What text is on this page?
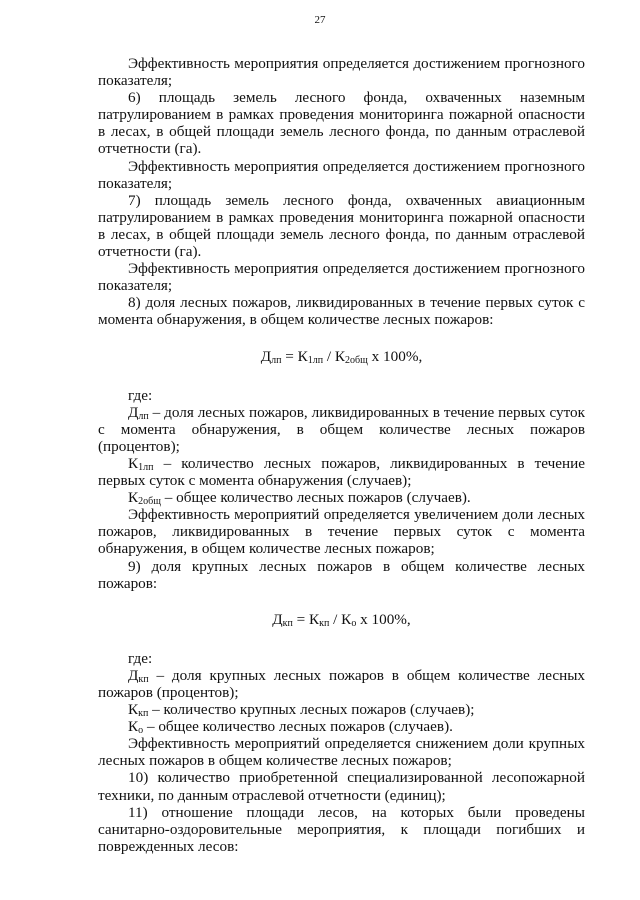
27

Эффективность мероприятия определяется достижением прогнозного показателя;

6) площадь земель лесного фонда, охваченных наземным патрулированием в рамках проведения мониторинга пожарной опасности в лесах, в общей площади земель лесного фонда, по данным отраслевой отчетности (га).

Эффективность мероприятия определяется достижением прогнозного показателя;

7) площадь земель лесного фонда, охваченных авиационным патрулированием в рамках проведения мониторинга пожарной опасности в лесах, в общей площади земель лесного фонда, по данным отраслевой отчетности (га).

Эффективность мероприятия определяется достижением прогнозного показателя;

8) доля лесных пожаров, ликвидированных в течение первых суток с момента обнаружения, в общем количестве лесных пожаров:

$Д_{лп} = К_{1лп} / К_{2общ}$ х 100%,

где:

$Д_{лп}$ – доля лесных пожаров, ликвидированных в течение первых суток с момента обнаружения, в общем количестве лесных пожаров (процентов);

$К_{1лп}$ – количество лесных пожаров, ликвидированных в течение первых суток с момента обнаружения (случаев);

$К_{2общ}$ – общее количество лесных пожаров (случаев).

Эффективность мероприятий определяется увеличением доли лесных пожаров, ликвидированных в течение первых суток с момента обнаружения, в общем количестве лесных пожаров;

9) доля крупных лесных пожаров в общем количестве лесных пожаров:

$Д_{кп} = К_{кп} / К_о$ х 100%,

где:

$Д_{кп}$ – доля крупных лесных пожаров в общем количестве лесных пожаров (процентов);

$К_{кп}$ – количество крупных лесных пожаров (случаев);

$К_о$ – общее количество лесных пожаров (случаев).

Эффективность мероприятий определяется снижением доли крупных лесных пожаров в общем количестве лесных пожаров;

10) количество приобретенной специализированной лесопожарной техники, по данным отраслевой отчетности (единиц);

11) отношение площади лесов, на которых были проведены санитарно-оздоровительные мероприятия, к площади погибших и поврежденных лесов:
